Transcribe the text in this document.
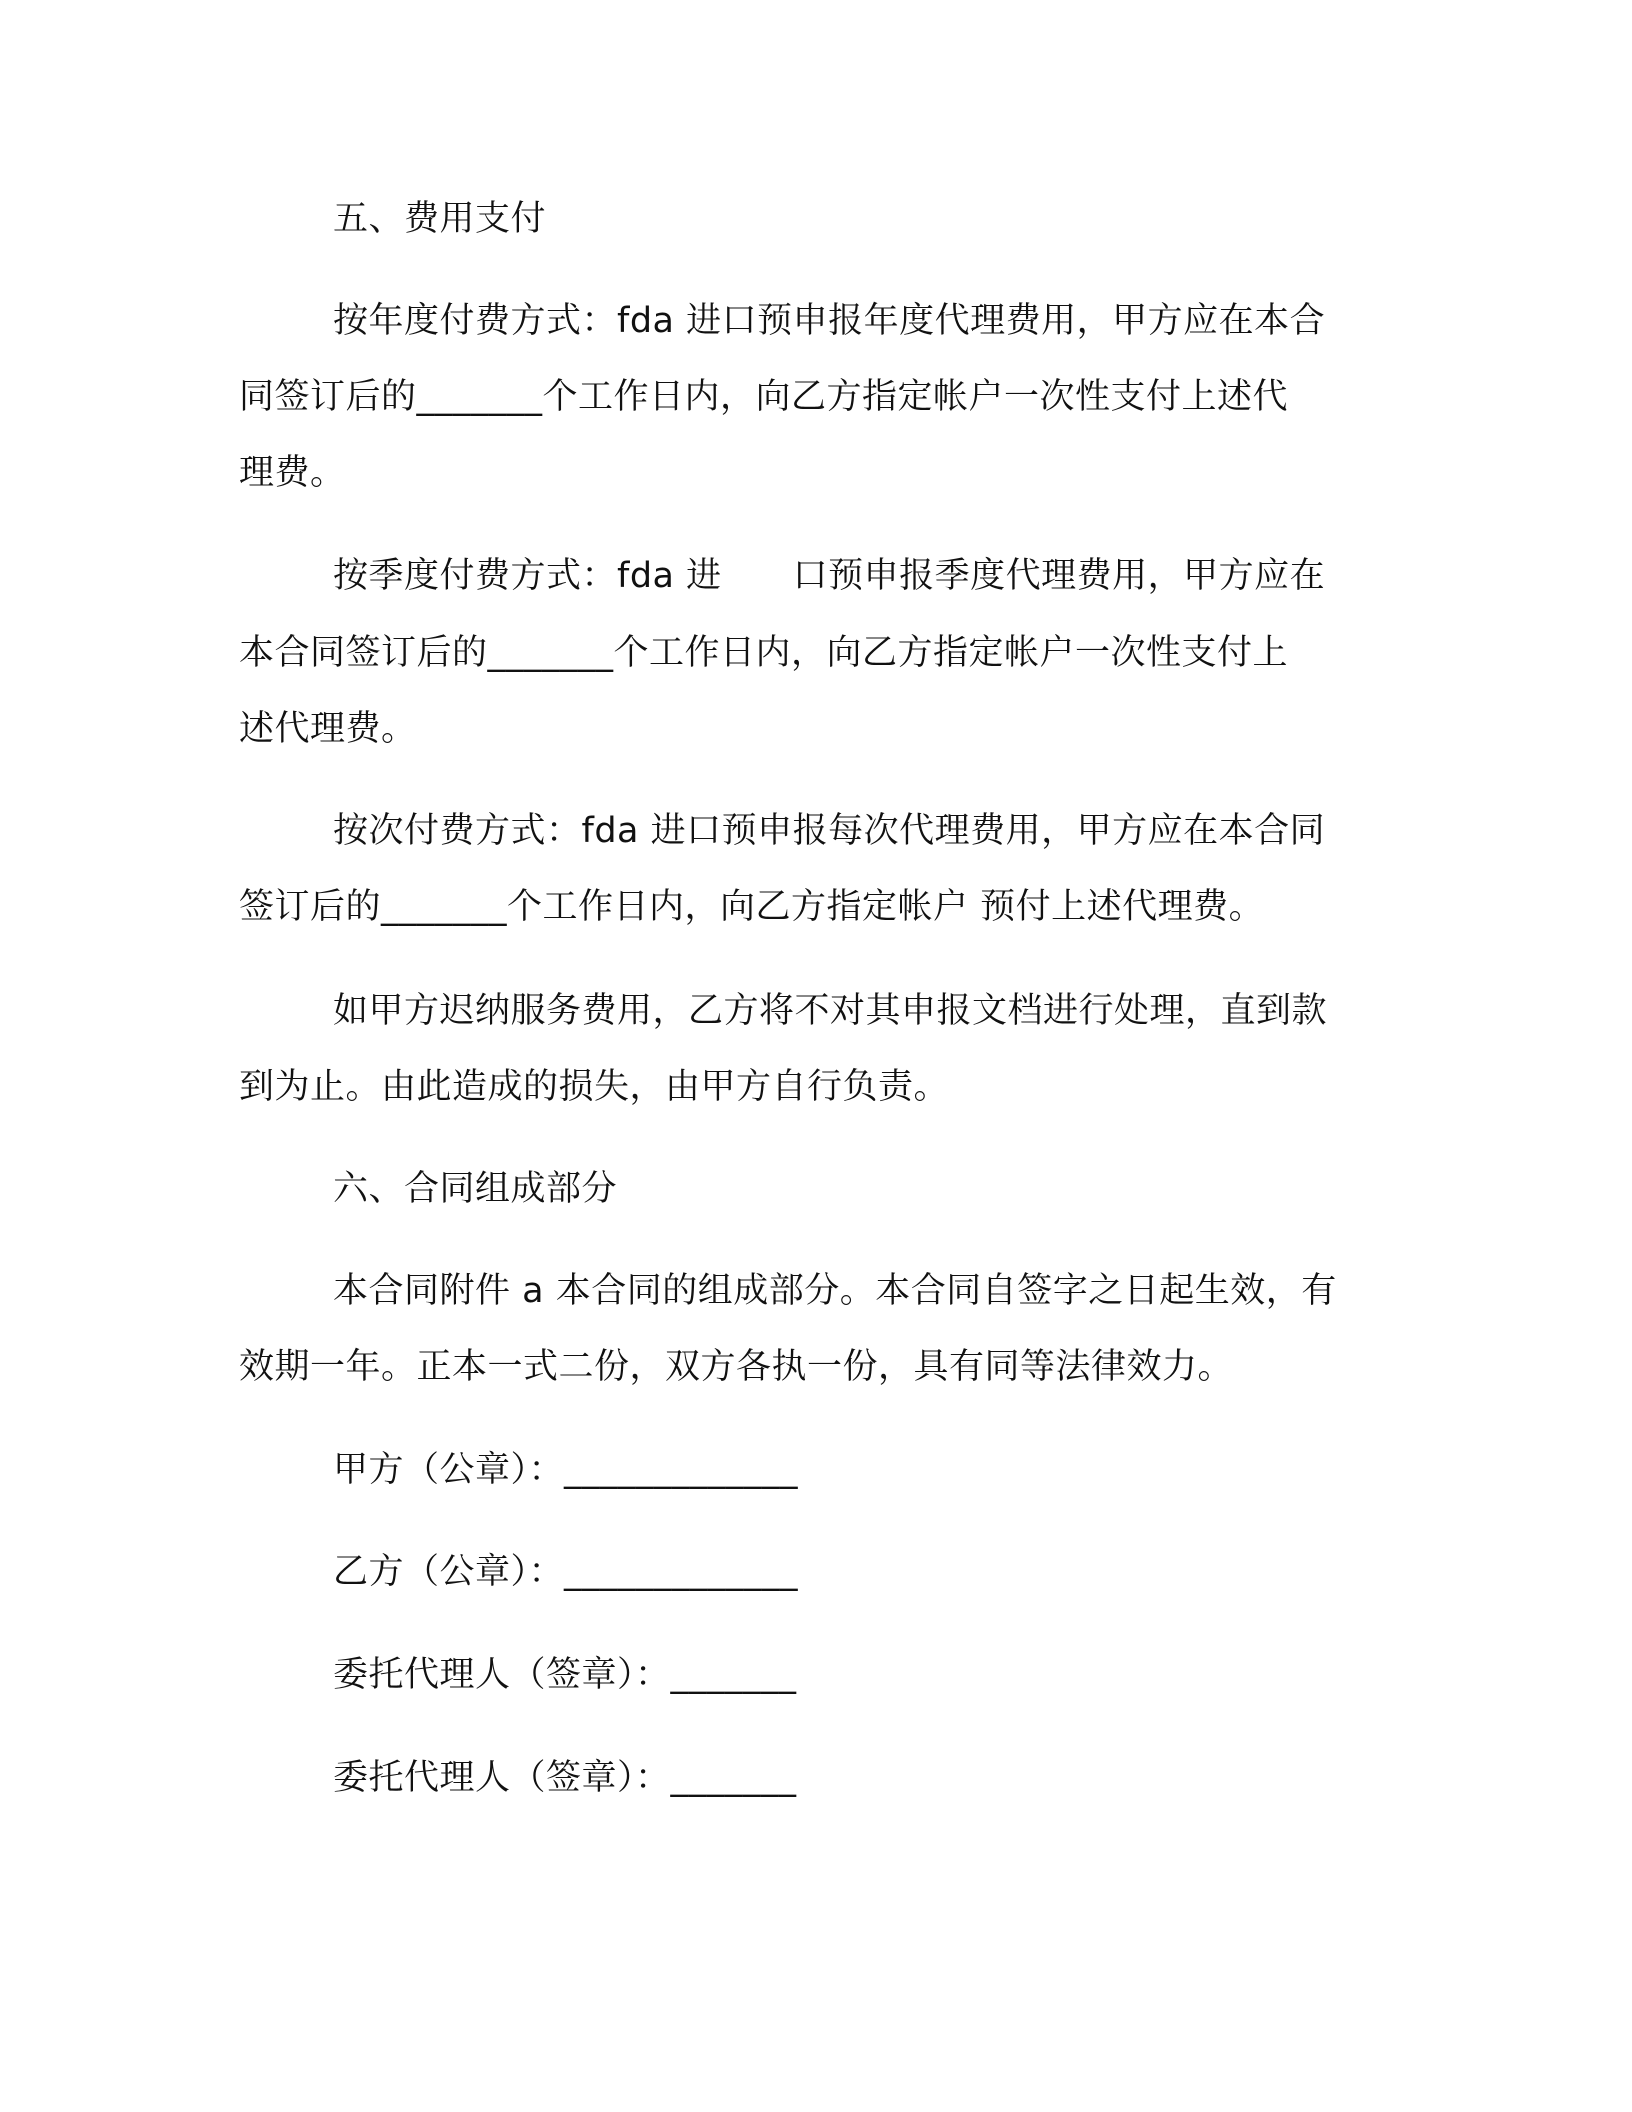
五、费用支付
按年度付费方式：fda 进口预申报年度代理费用，甲方应在本合
同签订后的_______个工作日内，向乙方指定帐户一次性支付上述代
理费。
按季度付费方式：fda 进　　口预申报季度代理费用，甲方应在
本合同签订后的_______个工作日内，向乙方指定帐户一次性支付上
述代理费。
按次付费方式：fda 进口预申报每次代理费用，甲方应在本合同
签订后的_______个工作日内，向乙方指定帐户 预付上述代理费。
如甲方迟纳服务费用，乙方将不对其申报文档进行处理，直到款
到为止。由此造成的损失，由甲方自行负责。
六、合同组成部分
本合同附件 a 本合同的组成部分。本合同自签字之日起生效，有
效期一年。正本一式二份，双方各执一份，具有同等法律效力。
甲方（公章）：_____________
乙方（公章）：_____________
委托代理人（签章）：_______
委托代理人（签章）：_______
